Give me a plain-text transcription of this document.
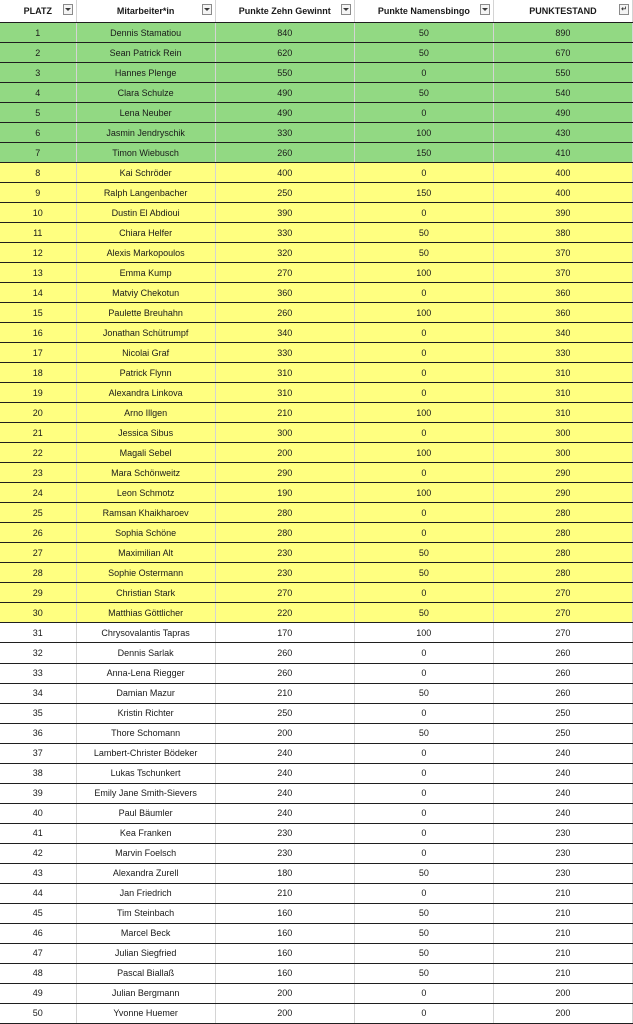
PLATZ	Mitarbeiter*in	Punkte Zehn Gewinnt	Punkte Namensbingo	PUNKTESTAND ↵

1	Dennis Stamatiou	840	50	890
2	Sean Patrick Rein	620	50	670
3	Hannes Plenge	550	0	550
4	Clara Schulze	490	50	540
5	Lena Neuber	490	0	490
6	Jasmin Jendryschik	330	100	430
7	Timon Wiebusch	260	150	410
8	Kai Schröder	400	0	400
9	Ralph Langenbacher	250	150	400
10	Dustin El Abdioui	390	0	390
11	Chiara Helfer	330	50	380
12	Alexis Markopoulos	320	50	370
13	Emma Kump	270	100	370
14	Matviy Chekotun	360	0	360
15	Paulette Breuhahn	260	100	360
16	Jonathan Schütrumpf	340	0	340
17	Nicolai Graf	330	0	330
18	Patrick Flynn	310	0	310
19	Alexandra Linkova	310	0	310
20	Arno Illgen	210	100	310
21	Jessica Sibus	300	0	300
22	Magali Sebel	200	100	300
23	Mara Schönweitz	290	0	290
24	Leon Schmotz	190	100	290
25	Ramsan Khaikharoev	280	0	280
26	Sophia Schöne	280	0	280
27	Maximilian Alt	230	50	280
28	Sophie Ostermann	230	50	280
29	Christian Stark	270	0	270
30	Matthias Göttlicher	220	50	270
31	Chrysovalantis Tapras	170	100	270
32	Dennis Sarlak	260	0	260
33	Anna-Lena Riegger	260	0	260
34	Damian Mazur	210	50	260
35	Kristin Richter	250	0	250
36	Thore Schomann	200	50	250
37	Lambert-Christer Bödeker	240	0	240
38	Lukas Tschunkert	240	0	240
39	Emily Jane Smith-Sievers	240	0	240
40	Paul Bäumler	240	0	240
41	Kea Franken	230	0	230
42	Marvin Foelsch	230	0	230
43	Alexandra Zurell	180	50	230
44	Jan Friedrich	210	0	210
45	Tim Steinbach	160	50	210
46	Marcel Beck	160	50	210
47	Julian Siegfried	160	50	210
48	Pascal Biallaß	160	50	210
49	Julian Bergmann	200	0	200
50	Yvonne Huemer	200	0	200
